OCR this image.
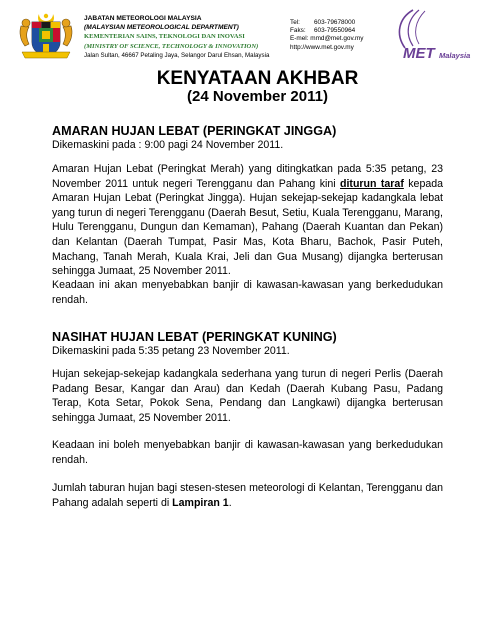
JABATAN METEOROLOGI MALAYSIA
(MALAYSIAN METEOROLOGICAL DEPARTMENT)
KEMENTERIAN SAINS, TEKNOLOGI DAN INOVASI
(MINISTRY OF SCIENCE, TECHNOLOGY & INNOVATION)
Jalan Sultan, 46667 Petaling Jaya, Selangor Darul Ehsan, Malaysia
Tel: 603-79678000
Faks: 603-79550964
E-mel: mmd@met.gov.my
http://www.met.gov.my	MET Malaysia
KENYATAAN AKHBAR
(24 November 2011)
AMARAN HUJAN LEBAT (PERINGKAT JINGGA)
Dikemaskini pada : 9:00 pagi 24 November 2011.
Amaran Hujan Lebat (Peringkat Merah) yang ditingkatkan pada 5:35 petang, 23 November 2011 untuk negeri Terengganu dan Pahang kini diturun taraf kepada Amaran Hujan Lebat (Peringkat Jingga). Hujan sekejap-sekejap kadangkala lebat yang turun di negeri Terengganu (Daerah Besut, Setiu, Kuala Terengganu, Marang, Hulu Terengganu, Dungun dan Kemaman), Pahang (Daerah Kuantan dan Pekan) dan Kelantan (Daerah Tumpat, Pasir Mas, Kota Bharu, Bachok, Pasir Puteh, Machang, Tanah Merah, Kuala Krai, Jeli dan Gua Musang) dijangka berterusan sehingga Jumaat, 25 November 2011.
Keadaan ini akan menyebabkan banjir di kawasan-kawasan yang berkedudukan rendah.
NASIHAT HUJAN LEBAT (PERINGKAT KUNING)
Dikemaskini pada 5:35 petang 23 November 2011.
Hujan sekejap-sekejap kadangkala sederhana yang turun di negeri Perlis (Daerah Padang Besar, Kangar dan Arau) dan Kedah (Daerah Kubang Pasu, Padang Terap, Kota Setar, Pokok Sena, Pendang dan Langkawi) dijangka berterusan sehingga Jumaat, 25 November 2011.
Keadaan ini boleh menyebabkan banjir di kawasan-kawasan yang berkedudukan rendah.
Jumlah taburan hujan bagi stesen-stesen meteorologi di Kelantan, Terengganu dan Pahang adalah seperti di Lampiran 1.
